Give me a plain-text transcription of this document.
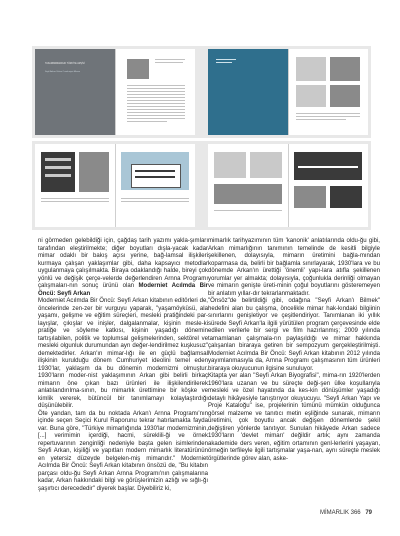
TASARIMMIMARLIK TÜRKİYE ARŞİVİ
Seyfi Arkan: Erken Cumhuriyet Mimarı

ni görmeden gelebildiği için, çağdaş tarih yazımı yakla-şımları tarafından eleştirilmekte; diğer boyutları dışla-yacak kadar mimar odaklı bir bakış açısı yerine, bağ-lamsal ilişkileri kurmaya çalışan yaklaşımlar gibi, daha kapsayıcı metodlar uygulanmaya çalışılmakta. Biraya odaklandığı halde, bireyi çok yönlü ve değişik çerçe-velerde değerlendiren Arnna Programı çalışmaları-nın sonuç ürünü olan Moderniet Acılmda Bir Öncü: Seyfi Arkan

Moderniet Acılmda Bir Öncü: Seyfi Arkan kitabının editörleri de, öncelerinde zen-zer bir vurguyu yaparak, "yaşamöyküsü, ala yaşamı, gelişme ve eğitim süreçleri, mesleki pratiğindeki par-layışlar, çıkışlar ve inişler, dalgalanmalar, kişinin mesle-ki pratiğe ve söyleme katkısı, kişinin yaşadığı dönemin tartışılabilen, politik ve toplumsal gelişmelerinden, sektörel ve mesleki olgunluk durumundan ayrı değer-lendirilmez kuşkusuz" demektedirler. Arkan'ın mimar-lığı ile en güçlü bağlamsal ilişkinin kurulduğu dönem Cumhuriyet ideolini temel eden 1930'lar, yaklaşım da bu dönemin modernizmi olmuştur. 1930'ların moder-nist yaklaşımının Arkan gibi belirli birkaç mimarın öne çıkan bazı ürünleri ile ilişkilendirilerek anlatılandırılma-sının, bu mimarlık ürettimine bir köşke ve kimlik vererek, bütüncül bir tanımlamayı kolaylaştırdığı düşünülebilir.

Öte yandan, tam da bu noktada Arkan'ı Arnna Programı'nın içinde seçen Seçici Kurul Raporunu tekrar hatırlamakta fayda var. Buna göre, "Türkiye mimarlığında 1930'lar modernizminin, [...] verimimin içerdiği, hacmi, süreklili-ği ve örnek repertuvarının zenginliği nedeniyle başta gelen isimlerinden Seyfi Arkan, kişiliği ve yapıtları modern mimarlık literatürünün en yetersiz düzeyde belgelen-miş mimarıdır." Moderniet Acılmda Bir Öncü: Seyfi Arkan kitabının önsözü de, "Bu kitabın parçası oldu-ğu Seyfi Arkan Arnna Programı'nın çalışmalarına kadar, Arkan hakkındaki bilgi ve görüşlerimizin azlığı ve sığlı-ğı şaşırtıcı derecededir" diyerek başlar. Diyebiliriz ki,

mimarlık tarihyazımının tüm 'kanonik' anlatılarında oldu-ğu gibi, Arkan mimarlığının tanımının temelinde de kesitli bilgiyle şekillenen, dolayısıyla, mimarın üretimini bağla-mından koparmasa da, belirli bir bağlamla sınırlayarak, 1930'lara ve bu dönemde Arkan'ın ürettiği 'önemli' yapı-lara atıfla şekillenen yorumlar yer almakta; dolayısıyla, çoğunlukla derinliği olmayan ve mimarın genişte üreti-minin çoğul boyutlarını gösteremeyen bir anlatım yıllar-dır tekrarlanmaktadır.

"Önsöz"de belirtildiği gibi, odağına "Seyfi Arkan'ı Bilmek" hedefini alan bu çalışma, öncelikle mimar hak-kındaki bilgiinin sınırlarını genişletiyor ve çeşitlendiriyor. Tanımlanan iki yıllık sürede Seyfi Arkan'la ilgili yürütülen program çerçevesinde elde edilen verilerle bir sergi ve film hazırlanmış; 2009 yılında tamamlanan çalışmala-rın paylaşıldığı ve mimar hakkında çalışanları biraraya getiren bir sempozyum gerçekleştirilmişti. Moderniet Acılmda Bir Öncü: Seyfi Arkan kitabının 2012 yılında yayımlanmasıyla da, Arnna Programı çalışmasının tüm ürünleri biraraya okuyucunun ilgisine sunuluyor.

Kitapta yer alan "Seyfi Arkan Biyografisi", mima-rın 1920'lerden 1960'lara uzanan ve bu süreçte deği-şen ülke koşullarıyla mesleki ve özel hayatında da kes-kin dönüşümler yaşadığı detaylı hikâyesiyle tanıştırıyor okuyucuyu. "Seyfi Arkan Yapı ve Proje Kataloğu" ise, projelerinin tümünü mümkün olduğunca görsel malzeme ve tanıtıcı metin eşliğinde sunarak, mimarın üretimini, çok boyutlu ancak değişen dönemlerde şekil değiştiren yönlerde tanıtıyor. Sunulan hikâyede Arkan sadece 1930'ların 'devlet mimarı' değildir artık; aynı zamanda akademide ders veren, eğitim ortamının genl-lerlerini yaşayan, örneğin terfileyle ilgili tartışmalar yaşa-nan, aynı süreçte meslek örgütlerinde görev alan, aske-

MİMARLIK 366 79
